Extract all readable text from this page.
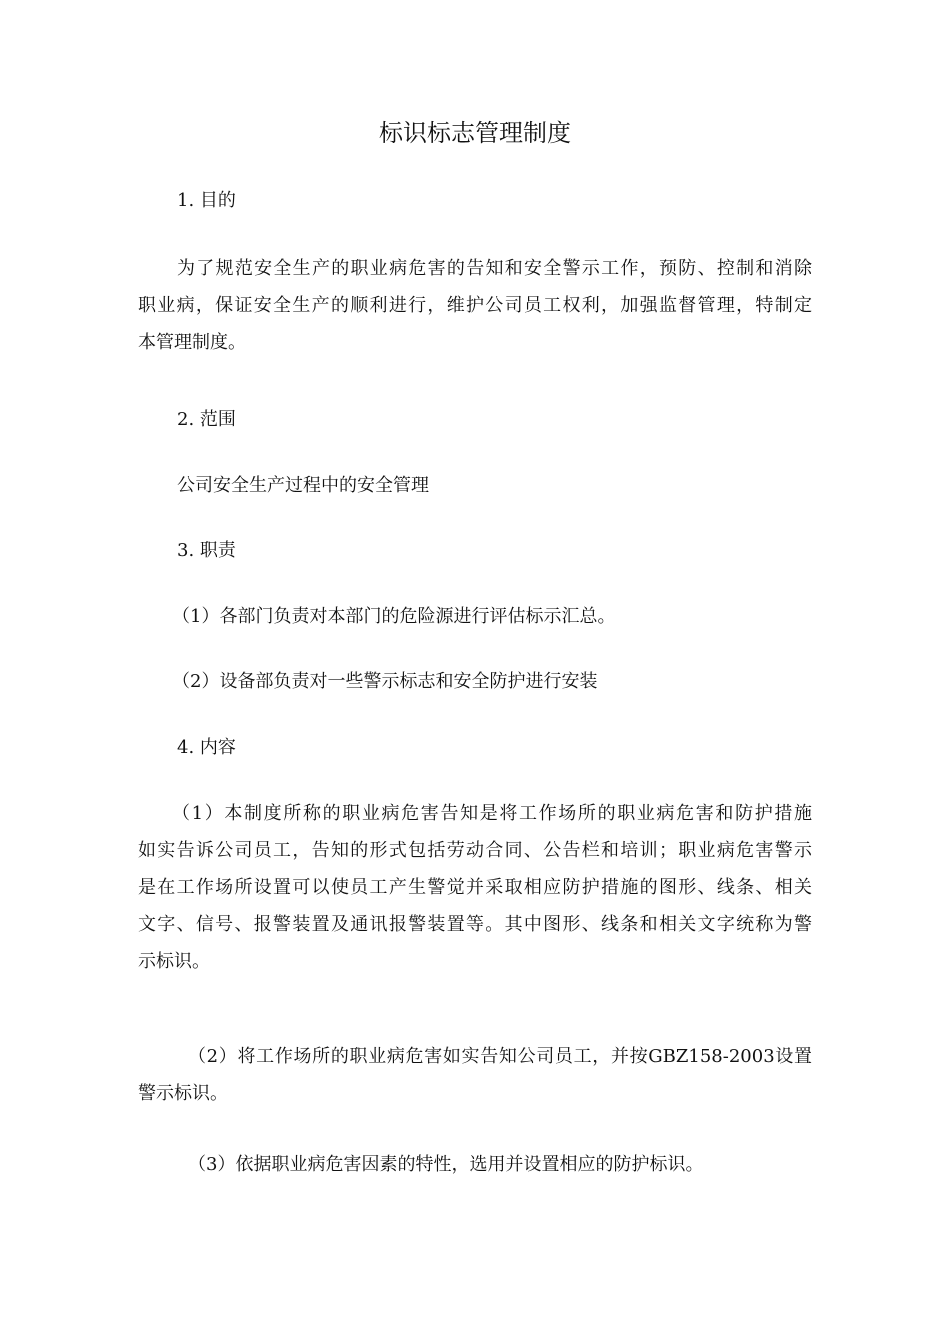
标识标志管理制度
1. 目的
为了规范安全生产的职业病危害的告知和安全警示工作，预防、控制和消除
职业病，保证安全生产的顺利进行，维护公司员工权利，加强监督管理，特制定
本管理制度。
2. 范围
公司安全生产过程中的安全管理
3. 职责
（1）各部门负责对本部门的危险源进行评估标示汇总。
（2）设备部负责对一些警示标志和安全防护进行安装
4. 内容
（1）本制度所称的职业病危害告知是将工作场所的职业病危害和防护措施
如实告诉公司员工，告知的形式包括劳动合同、公告栏和培训；职业病危害警示
是在工作场所设置可以使员工产生警觉并采取相应防护措施的图形、线条、相关
文字、信号、报警装置及通讯报警装置等。其中图形、线条和相关文字统称为警
示标识。
（2）将工作场所的职业病危害如实告知公司员工，并按GBZ158-2003设置
警示标识。
（3）依据职业病危害因素的特性，选用并设置相应的防护标识。
